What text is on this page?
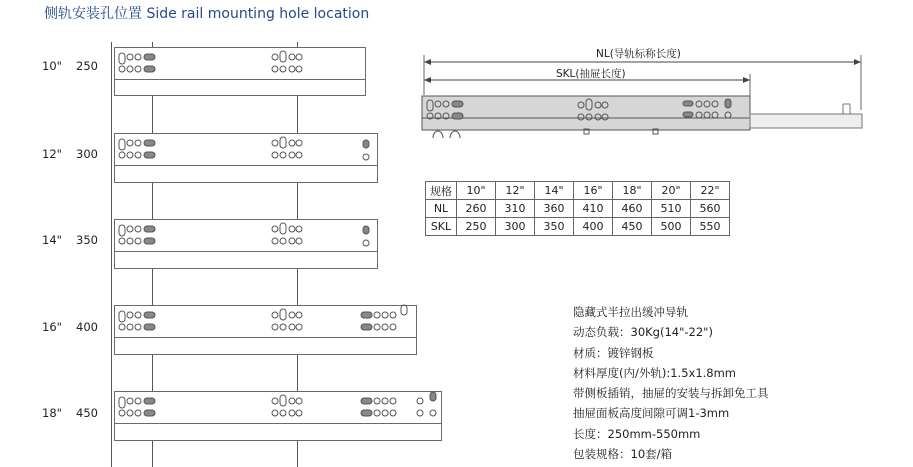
侧轨安装孔位置 Side rail mounting hole location
10" 250
12" 300
14" 350
16" 400
18" 450
NL(导轨标称长度)
SKL(抽屉长度)
规格	10"	12"	14"	16"	18"	20"	22"
NL	260	310	360	410	460	510	560
SKL	250	300	350	400	450	500	550
隐藏式半拉出缓冲导轨
动态负载：30Kg(14"-22")
材质：镀锌钢板
材料厚度(内/外轨):1.5x1.8mm
带侧板插销，抽屉的安装与拆卸免工具
抽屉面板高度间隙可调1-3mm
长度：250mm-550mm
包装规格：10套/箱
